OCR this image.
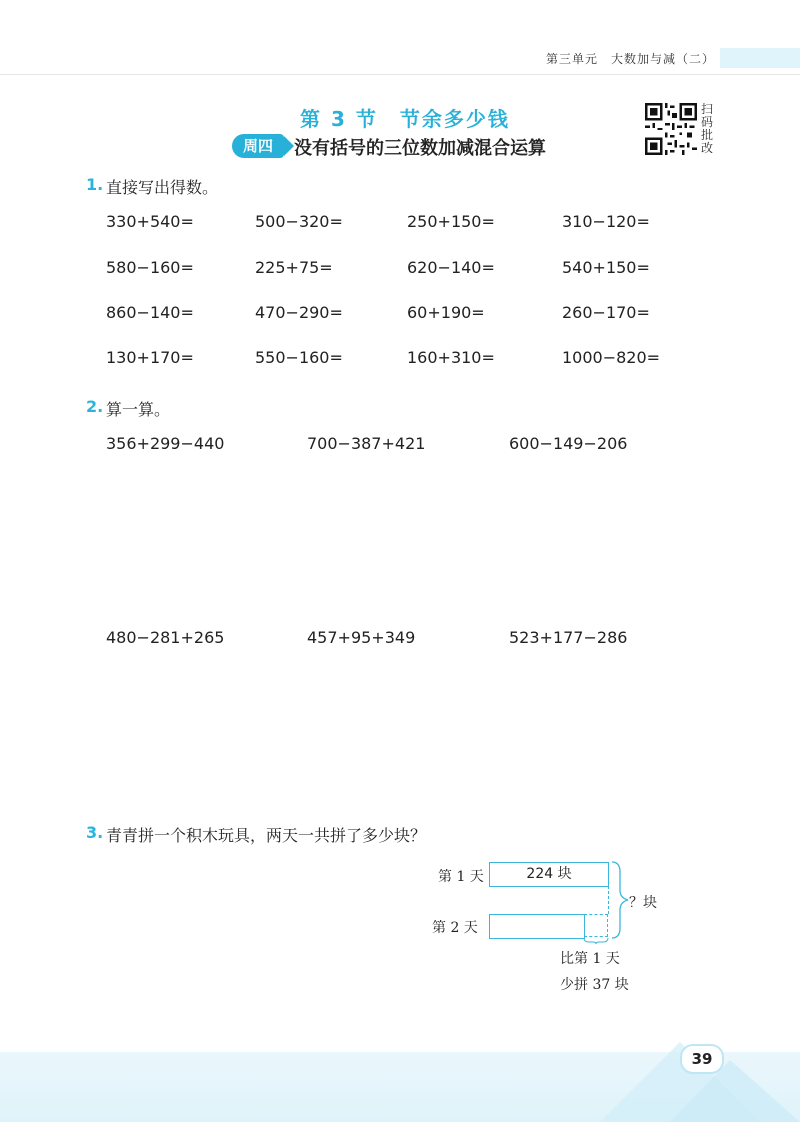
第三单元　大数加与减（二）
第 3 节　节余多少钱
周四	没有括号的三位数加减混合运算
扫码批改
1. 直接写出得数。
330+540=	500−320=	250+150=	310−120=
580−160=	225+75=	620−140=	540+150=
860−140=	470−290=	60+190=	260−170=
130+170=	550−160=	160+310=	1000−820=
2. 算一算。
356+299−440	700−387+421	600−149−206
480−281+265	457+95+349	523+177−286
3. 青青拼一个积木玩具，两天一共拼了多少块？
第 1 天	224 块
第 2 天
？块
比第 1 天
少拼 37 块
39
